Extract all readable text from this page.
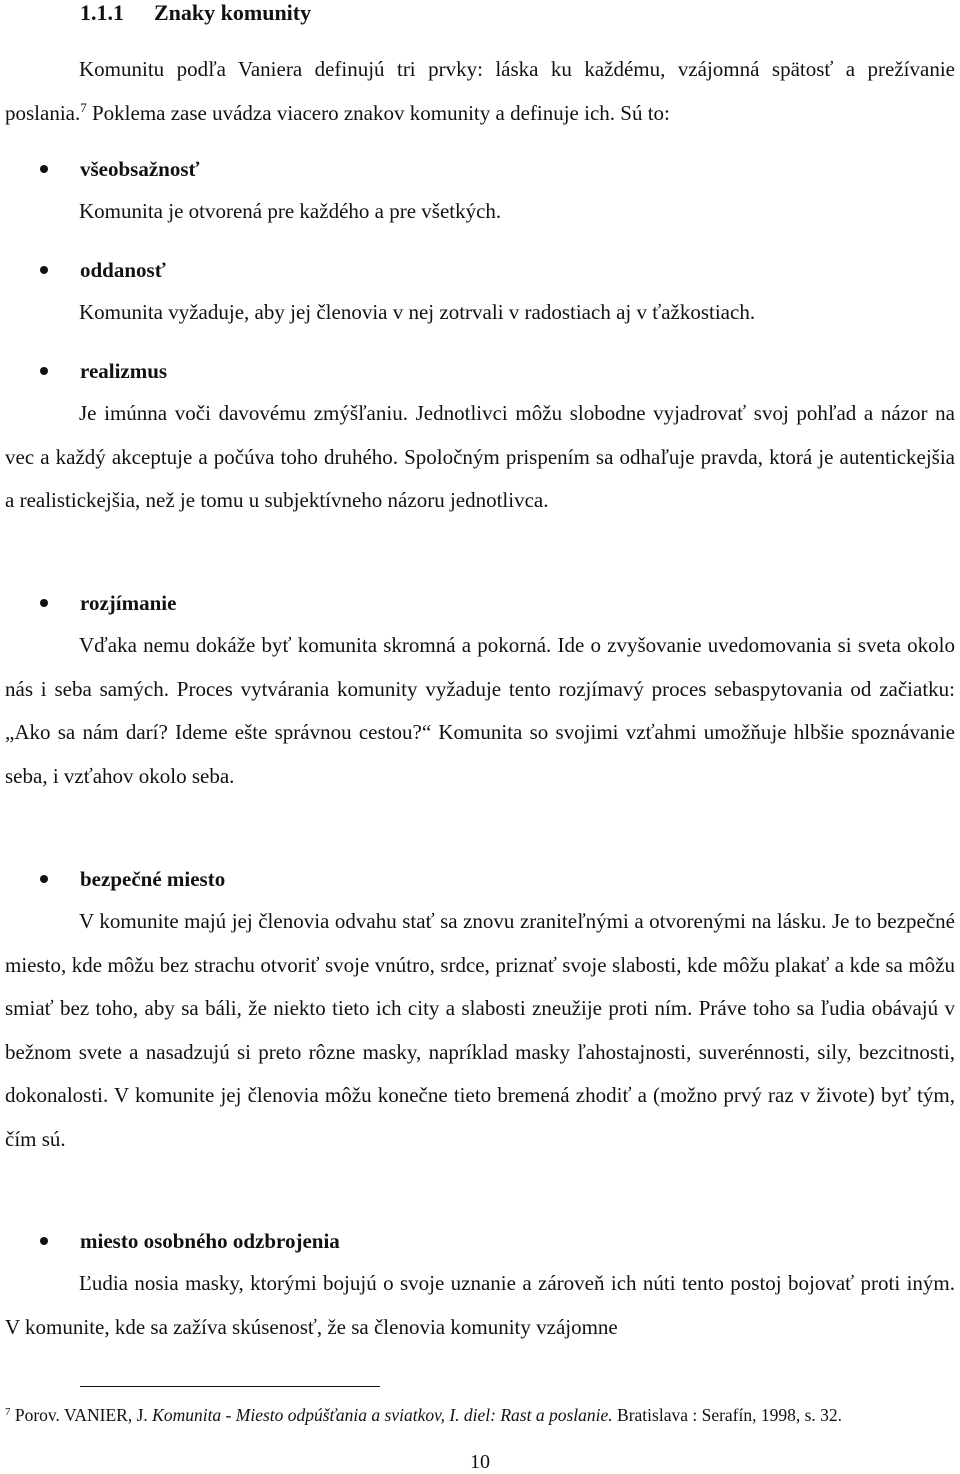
1.1.1 Znaky komunity
Komunitu podľa Vaniera definujú tri prvky: láska ku každému, vzájomná spätosť a prežívanie poslania.$^7$ Poklema zase uvádza viacero znakov komunity a definuje ich. Sú to:
všeobsažnosť
Komunita je otvorená pre každého a pre všetkých.
oddanosť
Komunita vyžaduje, aby jej členovia v nej zotrvali v radostiach aj v ťažkostiach.
realizmus
Je imúnna voči davovému zmýšľaniu. Jednotlivci môžu slobodne vyjadrovať svoj pohľad a názor na vec a každý akceptuje a počúva toho druhého. Spoločným prispením sa odhaľuje pravda, ktorá je autentickejšia a realistickejšia, než je tomu u subjektívneho názoru jednotlivca.
rozjímanie
Vďaka nemu dokáže byť komunita skromná a pokorná. Ide o zvyšovanie uvedomovania si sveta okolo nás i seba samých. Proces vytvárania komunity vyžaduje tento rozjímavý proces sebaspytovania od začiatku: „Ako sa nám darí? Ideme ešte správnou cestou?“ Komunita so svojimi vzťahmi umožňuje hlbšie spoznávanie seba, i vzťahov okolo seba.
bezpečné miesto
V komunite majú jej členovia odvahu stať sa znovu zraniteľnými a otvorenými na lásku. Je to bezpečné miesto, kde môžu bez strachu otvoriť svoje vnútro, srdce, priznať svoje slabosti, kde môžu plakať a kde sa môžu smiať bez toho, aby sa báli, že niekto tieto ich city a slabosti zneužije proti ním. Práve toho sa ľudia obávajú v bežnom svete a nasadzujú si preto rôzne masky, napríklad masky ľahostajnosti, suverénnosti, sily, bezcitnosti, dokonalosti. V komunite jej členovia môžu konečne tieto bremená zhodiť a (možno prvý raz v živote) byť tým, čím sú.
miesto osobného odzbrojenia
Ľudia nosia masky, ktorými bojujú o svoje uznanie a zároveň ich núti tento postoj bojovať proti iným. V komunite, kde sa zažíva skúsenosť, že sa členovia komunity vzájomne
$^7$ Porov. VANIER, J. Komunita - Miesto odpúšťania a sviatkov, I. diel: Rast a poslanie. Bratislava : Serafín, 1998, s. 32.
10
